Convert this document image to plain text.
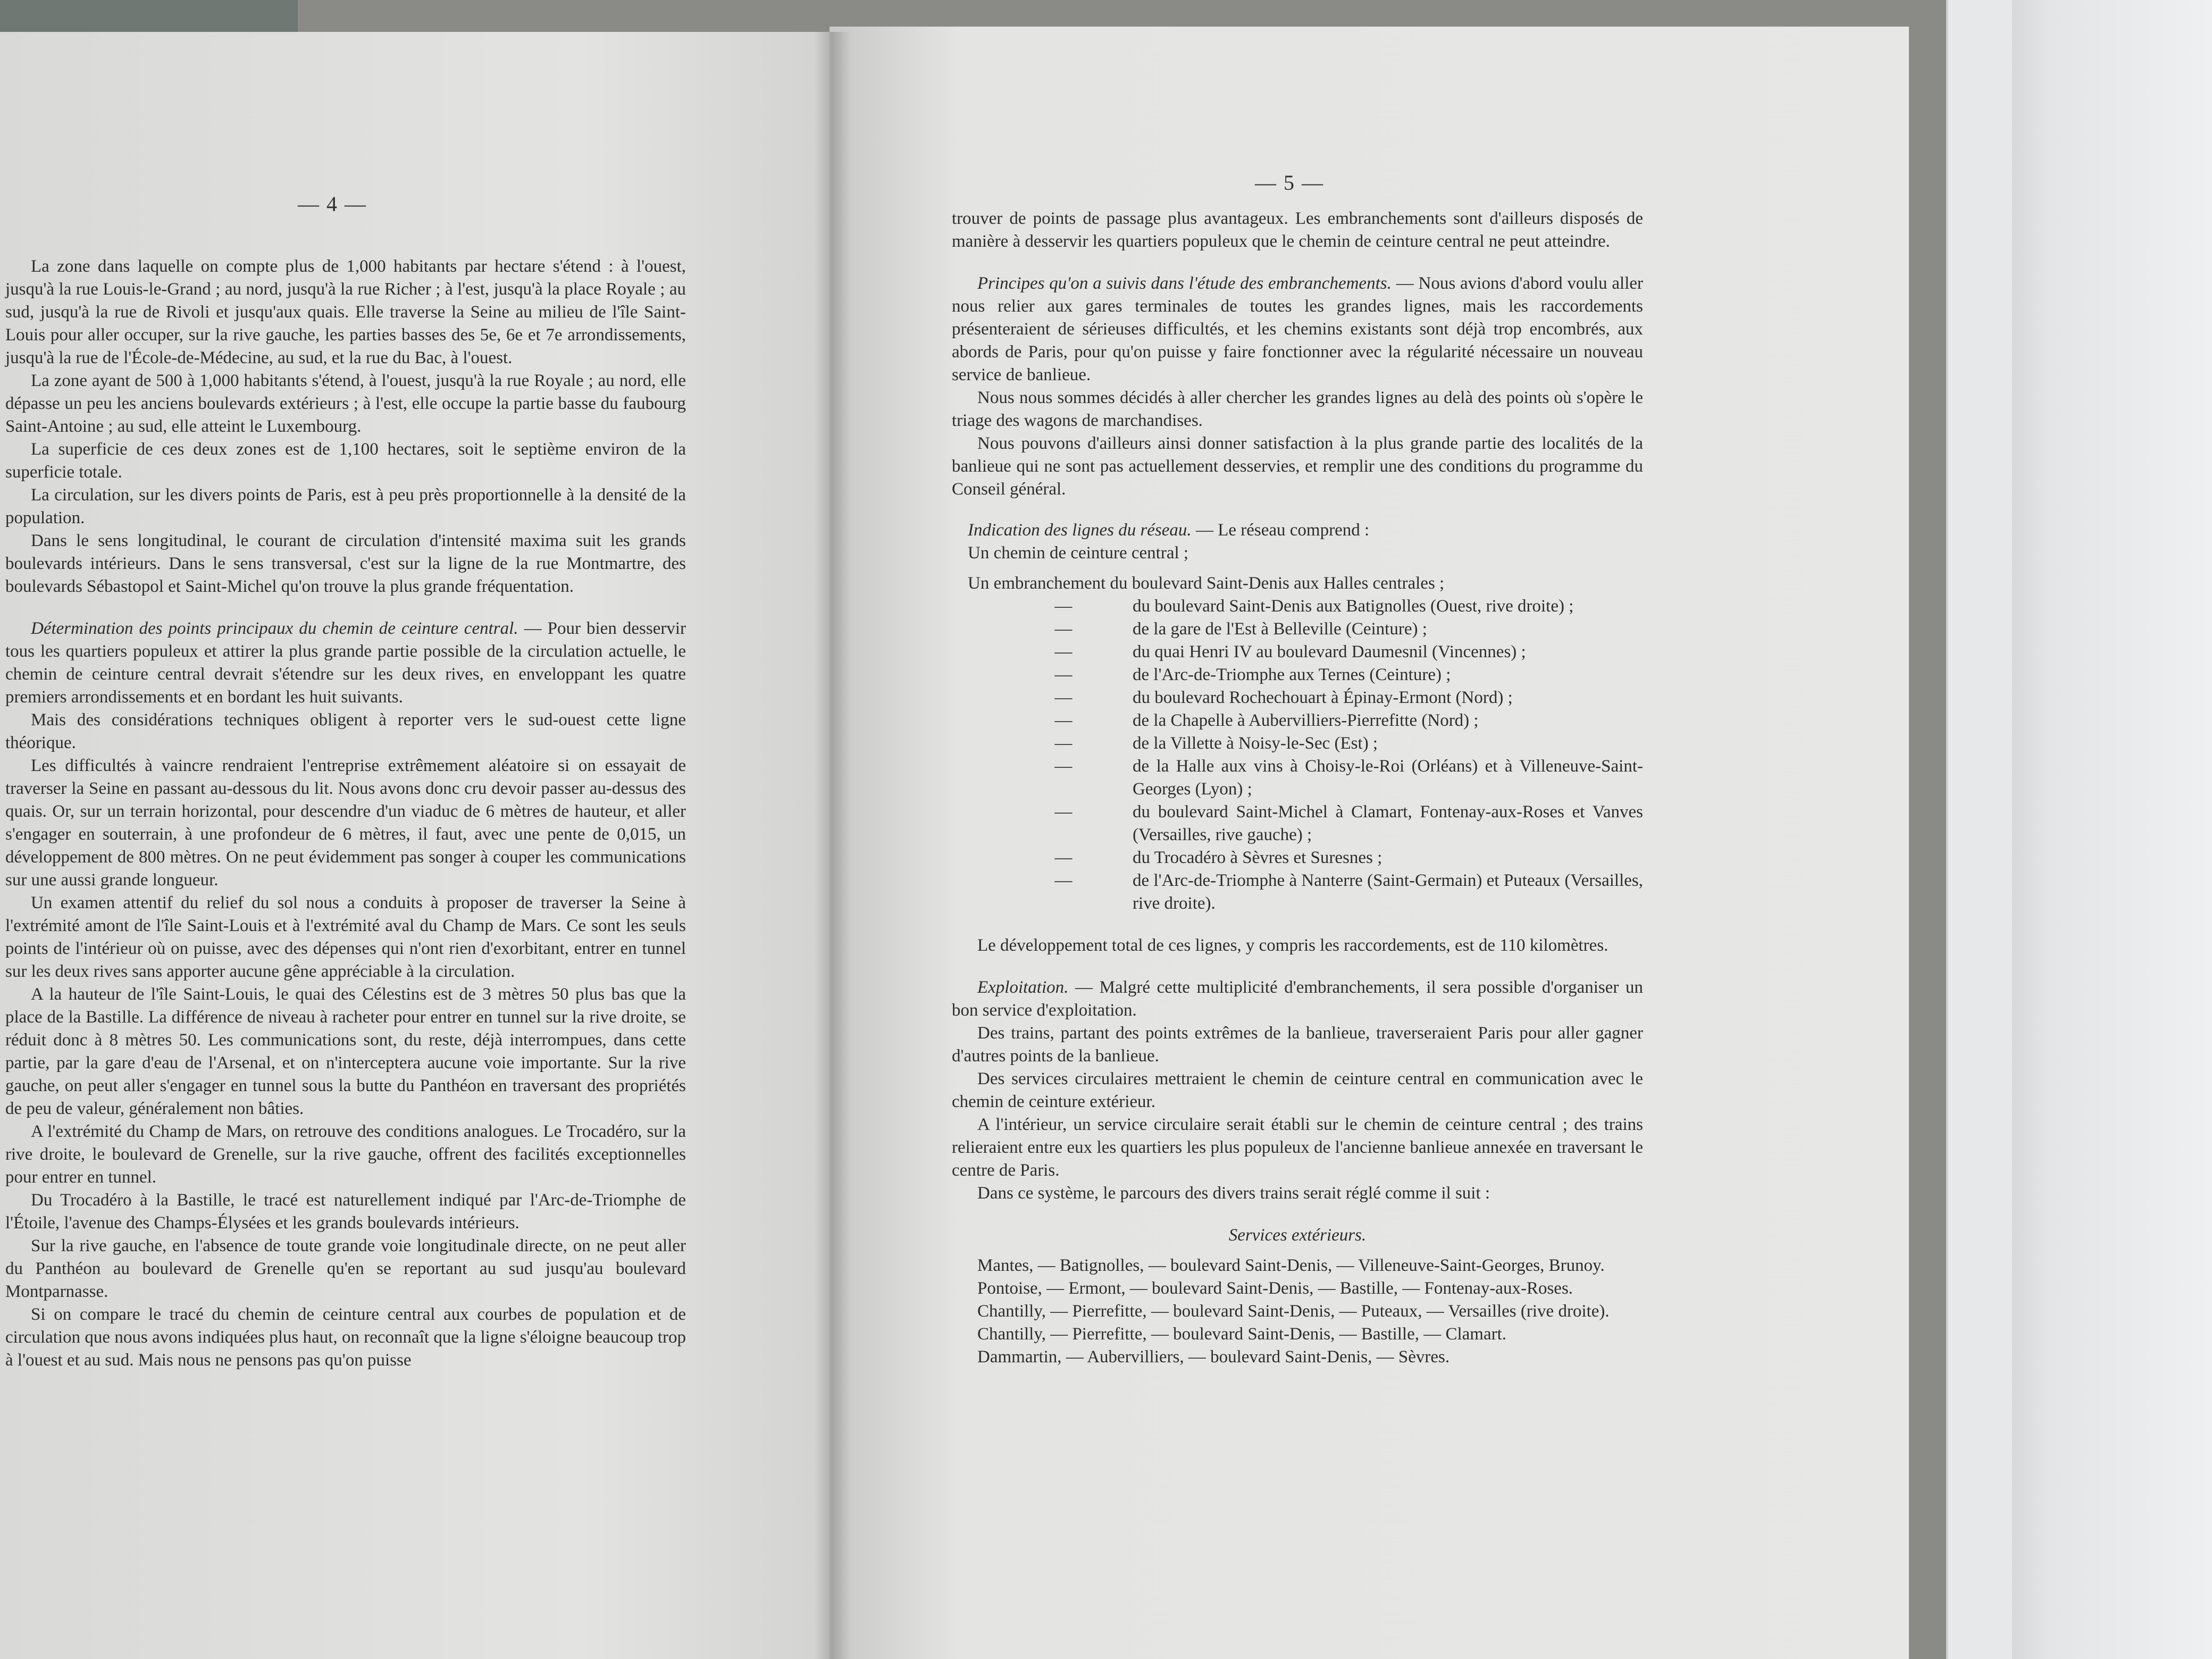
— 4 —

La zone dans laquelle on compte plus de 1,000 habitants par hectare s'étend : à l'ouest, jusqu'à la rue Louis-le-Grand ; au nord, jusqu'à la rue Richer ; à l'est, jusqu'à la place Royale ; au sud, jusqu'à la rue de Rivoli et jusqu'aux quais. Elle traverse la Seine au milieu de l'île Saint-Louis pour aller occuper, sur la rive gauche, les parties basses des 5e, 6e et 7e arrondissements, jusqu'à la rue de l'École-de-Médecine, au sud, et la rue du Bac, à l'ouest.

La zone ayant de 500 à 1,000 habitants s'étend, à l'ouest, jusqu'à la rue Royale ; au nord, elle dépasse un peu les anciens boulevards extérieurs ; à l'est, elle occupe la partie basse du faubourg Saint-Antoine ; au sud, elle atteint le Luxembourg.

La superficie de ces deux zones est de 1,100 hectares, soit le septième environ de la superficie totale.

La circulation, sur les divers points de Paris, est à peu près proportionnelle à la densité de la population.

Dans le sens longitudinal, le courant de circulation d'intensité maxima suit les grands boulevards intérieurs. Dans le sens transversal, c'est sur la ligne de la rue Montmartre, des boulevards Sébastopol et Saint-Michel qu'on trouve la plus grande fréquentation.

Détermination des points principaux du chemin de ceinture central. — Pour bien desservir tous les quartiers populeux et attirer la plus grande partie possible de la circulation actuelle, le chemin de ceinture central devrait s'étendre sur les deux rives, en enveloppant les quatre premiers arrondissements et en bordant les huit suivants.

Mais des considérations techniques obligent à reporter vers le sud-ouest cette ligne théorique.

Les difficultés à vaincre rendraient l'entreprise extrêmement aléatoire si on essayait de traverser la Seine en passant au-dessous du lit. Nous avons donc cru devoir passer au-dessus des quais. Or, sur un terrain horizontal, pour descendre d'un viaduc de 6 mètres de hauteur, et aller s'engager en souterrain, à une profondeur de 6 mètres, il faut, avec une pente de 0,015, un développement de 800 mètres. On ne peut évidemment pas songer à couper les communications sur une aussi grande longueur.

Un examen attentif du relief du sol nous a conduits à proposer de traverser la Seine à l'extrémité amont de l'île Saint-Louis et à l'extrémité aval du Champ de Mars. Ce sont les seuls points de l'intérieur où on puisse, avec des dépenses qui n'ont rien d'exorbitant, entrer en tunnel sur les deux rives sans apporter aucune gêne appréciable à la circulation.

A la hauteur de l'île Saint-Louis, le quai des Célestins est de 3 mètres 50 plus bas que la place de la Bastille. La différence de niveau à racheter pour entrer en tunnel sur la rive droite, se réduit donc à 8 mètres 50. Les communications sont, du reste, déjà interrompues, dans cette partie, par la gare d'eau de l'Arsenal, et on n'interceptera aucune voie importante. Sur la rive gauche, on peut aller s'engager en tunnel sous la butte du Panthéon en traversant des propriétés de peu de valeur, généralement non bâties.

A l'extrémité du Champ de Mars, on retrouve des conditions analogues. Le Trocadéro, sur la rive droite, le boulevard de Grenelle, sur la rive gauche, offrent des facilités exceptionnelles pour entrer en tunnel.

Du Trocadéro à la Bastille, le tracé est naturellement indiqué par l'Arc-de-Triomphe de l'Étoile, l'avenue des Champs-Élysées et les grands boulevards intérieurs.

Sur la rive gauche, en l'absence de toute grande voie longitudinale directe, on ne peut aller du Panthéon au boulevard de Grenelle qu'en se reportant au sud jusqu'au boulevard Montparnasse.

Si on compare le tracé du chemin de ceinture central aux courbes de population et de circulation que nous avons indiquées plus haut, on reconnaît que la ligne s'éloigne beaucoup trop à l'ouest et au sud. Mais nous ne pensons pas qu'on puisse

— 5 —

trouver de points de passage plus avantageux. Les embranchements sont d'ailleurs disposés de manière à desservir les quartiers populeux que le chemin de ceinture central ne peut atteindre.

Principes qu'on a suivis dans l'étude des embranchements. — Nous avions d'abord voulu aller nous relier aux gares terminales de toutes les grandes lignes, mais les raccordements présenteraient de sérieuses difficultés, et les chemins existants sont déjà trop encombrés, aux abords de Paris, pour qu'on puisse y faire fonctionner avec la régularité nécessaire un nouveau service de banlieue.

Nous nous sommes décidés à aller chercher les grandes lignes au delà des points où s'opère le triage des wagons de marchandises.

Nous pouvons d'ailleurs ainsi donner satisfaction à la plus grande partie des localités de la banlieue qui ne sont pas actuellement desservies, et remplir une des conditions du programme du Conseil général.

Indication des lignes du réseau. — Le réseau comprend :

Un chemin de ceinture central ;

Un embranchement du boulevard Saint-Denis aux Halles centrales ;

—	du boulevard Saint-Denis aux Batignolles (Ouest, rive droite) ;

—	de la gare de l'Est à Belleville (Ceinture) ;

—	du quai Henri IV au boulevard Daumesnil (Vincennes) ;

—	de l'Arc-de-Triomphe aux Ternes (Ceinture) ;

—	du boulevard Rochechouart à Épinay-Ermont (Nord) ;

—	de la Chapelle à Aubervilliers-Pierrefitte (Nord) ;

—	de la Villette à Noisy-le-Sec (Est) ;

—	de la Halle aux vins à Choisy-le-Roi (Orléans) et à Villeneuve-Saint-Georges (Lyon) ;

—	du boulevard Saint-Michel à Clamart, Fontenay-aux-Roses et Vanves (Versailles, rive gauche) ;

—	du Trocadéro à Sèvres et Suresnes ;

—	de l'Arc-de-Triomphe à Nanterre (Saint-Germain) et Puteaux (Versailles, rive droite).

Le développement total de ces lignes, y compris les raccordements, est de 110 kilomètres.

Exploitation. — Malgré cette multiplicité d'embranchements, il sera possible d'organiser un bon service d'exploitation.

Des trains, partant des points extrêmes de la banlieue, traverseraient Paris pour aller gagner d'autres points de la banlieue.

Des services circulaires mettraient le chemin de ceinture central en communication avec le chemin de ceinture extérieur.

A l'intérieur, un service circulaire serait établi sur le chemin de ceinture central ; des trains relieraient entre eux les quartiers les plus populeux de l'ancienne banlieue annexée en traversant le centre de Paris.

Dans ce système, le parcours des divers trains serait réglé comme il suit :

Services extérieurs.

Mantes, — Batignolles, — boulevard Saint-Denis, — Villeneuve-Saint-Georges, Brunoy.

Pontoise, — Ermont, — boulevard Saint-Denis, — Bastille, — Fontenay-aux-Roses.

Chantilly, — Pierrefitte, — boulevard Saint-Denis, — Puteaux, — Versailles (rive droite).

Chantilly, — Pierrefitte, — boulevard Saint-Denis, — Bastille, — Clamart.

Dammartin, — Aubervilliers, — boulevard Saint-Denis, — Sèvres.
